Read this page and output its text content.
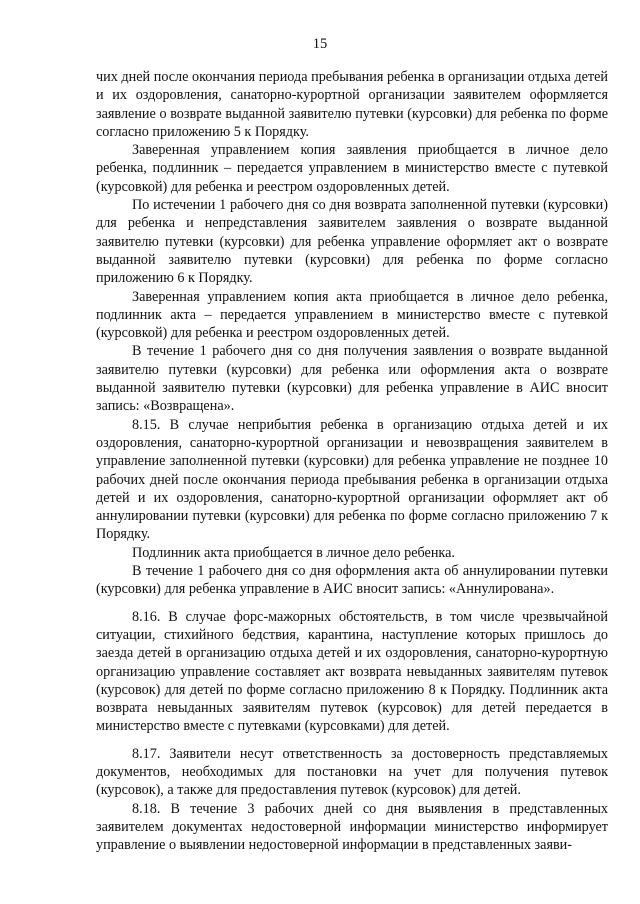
15

чих дней после окончания периода пребывания ребенка в организации отдыха детей и их оздоровления, санаторно-курортной организации заявителем оформляется заявление о возврате выданной заявителю путевки (курсовки) для ребенка по форме согласно приложению 5 к Порядку.

Заверенная управлением копия заявления приобщается в личное дело ребенка, подлинник – передается управлением в министерство вместе с путевкой (курсовкой) для ребенка и реестром оздоровленных детей.

По истечении 1 рабочего дня со дня возврата заполненной путевки (курсовки) для ребенка и непредставления заявителем заявления о возврате выданной заявителю путевки (курсовки) для ребенка управление оформляет акт о возврате выданной заявителю путевки (курсовки) для ребенка по форме согласно приложению 6 к Порядку.

Заверенная управлением копия акта приобщается в личное дело ребенка, подлинник акта – передается управлением в министерство вместе с путевкой (курсовкой) для ребенка и реестром оздоровленных детей.

В течение 1 рабочего дня со дня получения заявления о возврате выданной заявителю путевки (курсовки) для ребенка или оформления акта о возврате выданной заявителю путевки (курсовки) для ребенка управление в АИС вносит запись: «Возвращена».

8.15. В случае неприбытия ребенка в организацию отдыха детей и их оздоровления, санаторно-курортной организации и невозвращения заявителем в управление заполненной путевки (курсовки) для ребенка управление не позднее 10 рабочих дней после окончания периода пребывания ребенка в организации отдыха детей и их оздоровления, санаторно-курортной организации оформляет акт об аннулировании путевки (курсовки) для ребенка по форме согласно приложению 7 к Порядку.

Подлинник акта приобщается в личное дело ребенка.

В течение 1 рабочего дня со дня оформления акта об аннулировании путевки (курсовки) для ребенка управление в АИС вносит запись: «Аннулирована».

8.16. В случае форс-мажорных обстоятельств, в том числе чрезвычайной ситуации, стихийного бедствия, карантина, наступление которых пришлось до заезда детей в организацию отдыха детей и их оздоровления, санаторно-курортную организацию управление составляет акт возврата невыданных заявителям путевок (курсовок) для детей по форме согласно приложению 8 к Порядку. Подлинник акта возврата невыданных заявителям путевок (курсовок) для детей передается в министерство вместе с путевками (курсовками) для детей.

8.17. Заявители несут ответственность за достоверность представляемых документов, необходимых для постановки на учет для получения путевок (курсовок), а также для предоставления путевок (курсовок) для детей.

8.18. В течение 3 рабочих дней со дня выявления в представленных заявителем документах недостоверной информации министерство информирует управление о выявлении недостоверной информации в представленных заяви-
